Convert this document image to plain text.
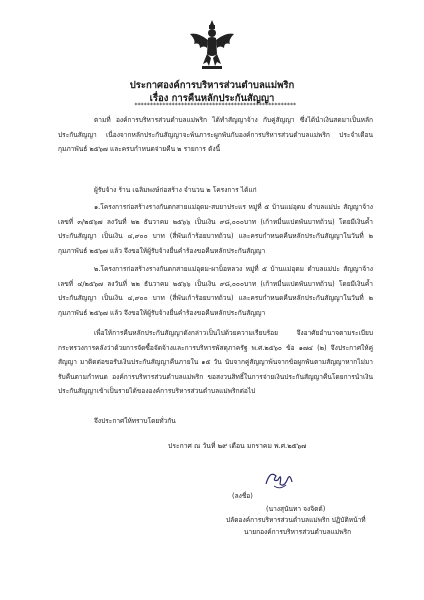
ประกาศองค์การบริหารส่วนตำบลแม่พริก
เรื่อง การคืนหลักประกันสัญญา
****************************************************
ตามที่ องค์การบริหารส่วนตำบลแม่พริก ได้ทำสัญญาจ้าง กับคู่สัญญา ซึ่งได้นำเงินสดมาเป็นหลักประกันสัญญา เนื่องจากหลักประกันสัญญาจะพ้นภาระผูกพันกับองค์การบริหารส่วนตำบลแม่พริก ประจำเดือน กุมภาพันธ์ ๒๕๖๗ และครบกำหนดจ่ายคืน ๒ รายการ ดังนี้
ผู้รับจ้าง ร้าน เฉลิมพงษ์ก่อสร้าง จำนวน ๒ โครงการ ได้แก่
๑.โครงการก่อสร้างรางกันตกสายแม่อุดม-สบยาประแร หมู่ที่ ๕ บ้านแม่อุดม ตำบลแม่ปะ สัญญาจ้างเลขที่ ๓/๒๕๖๗ ลงวันที่ ๒๒ ธันวาคม ๒๕๖๖ เป็นเงิน ๙๘,๐๐๐บาท (เก้าหมื่นแปดพันบาทถ้วน) โดยมีเงินค้ำประกันสัญญา เป็นเงิน ๔,๙๐๐ บาท (สี่พันเก้าร้อยบาทถ้วน) และครบกำหนดคืนหลักประกันสัญญาในวันที่ ๒ กุมภาพันธ์ ๒๕๖๗ แล้ว จึงขอให้ผู้รับจ้างยื่นคำร้องขอคืนหลักประกันสัญญา
๒.โครงการก่อสร้างรางกันตกสายแม่อุดม-ผาบ็อหลวง หมู่ที่ ๕ บ้านแม่อุดม ตำบลแม่ปะ สัญญาจ้างเลขที่ ๔/๒๕๖๗ ลงวันที่ ๒๒ ธันวาคม ๒๕๖๖ เป็นเงิน ๙๘,๐๐๐บาท (เก้าหมื่นแปดพันบาทถ้วน) โดยมีเงินค้ำประกันสัญญา เป็นเงิน ๔,๙๐๐ บาท (สี่พันเก้าร้อยบาทถ้วน) และครบกำหนดคืนหลักประกันสัญญาในวันที่ ๒ กุมภาพันธ์ ๒๕๖๗ แล้ว จึงขอให้ผู้รับจ้างยื่นคำร้องขอคืนหลักประกันสัญญา
เพื่อให้การคืนหลักประกันสัญญาดังกล่าวเป็นไปด้วยความเรียบร้อย จึงอาศัยอำนาจตามระเบียบกระทรวงการคลังว่าด้วยการจัดซื้อจัดจ้างและการบริหารพัสดุภาครัฐ พ.ศ.๒๕๖๐ ข้อ ๑๗๔ (๒) จึงประกาศให้คู่สัญญา มาติดต่อขอรับเงินประกันสัญญาคืนภายใน ๑๕ วัน นับจากคู่สัญญาพ้นจากข้อผูกพันตามสัญญาหากไม่มารับคืนตามกำหนด องค์การบริหารส่วนตำบลแม่พริก ขอสงวนสิทธิ์ในการจ่ายเงินประกันสัญญาคืนโดยการนำเงินประกันสัญญาเข้าเป็นรายได้ขององค์การบริหารส่วนตำบลแม่พริกต่อไป
จึงประกาศให้ทราบโดยทั่วกัน
ประกาศ ณ วันที่ ๒๙ เดือน มกราคม พ.ศ.๒๕๖๗
(ลงชื่อ)
(นางสุนันทา จงจิตต์)
ปลัดองค์การบริหารส่วนตำบลแม่พริก ปฏิบัติหน้าที่
นายกองค์การบริหารส่วนตำบลแม่พริก
